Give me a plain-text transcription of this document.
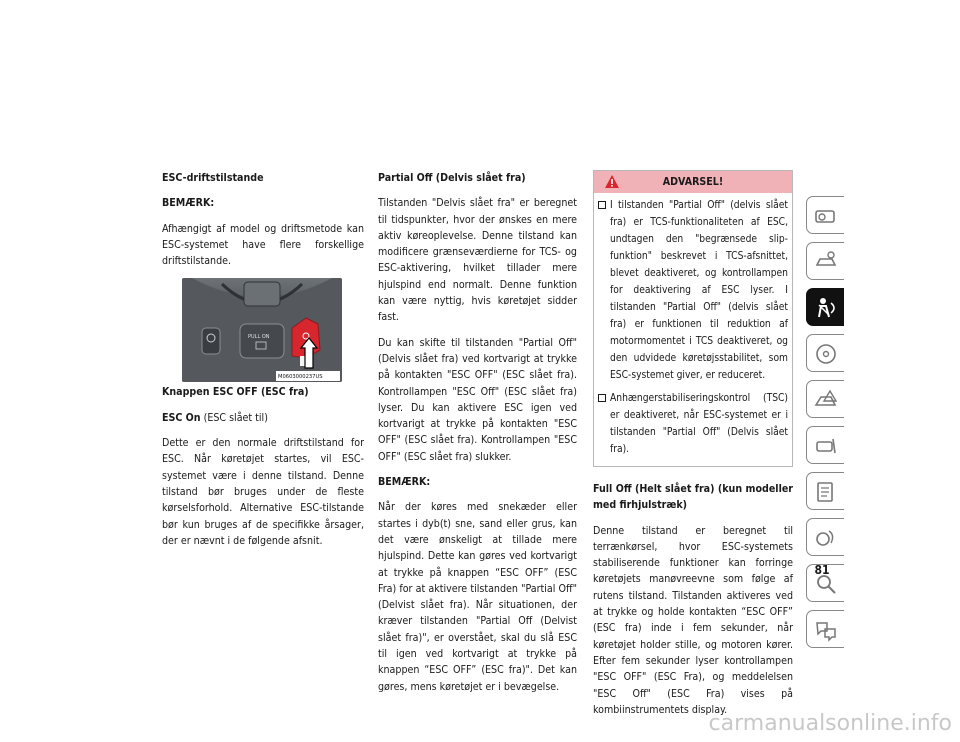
ESC-driftstilstande

BEMÆRK:

Afhængigt af model og driftsmetode kan ESC-systemet have flere forskellige driftstilstande.

PULL ON
M0603000237US

Knappen ESC OFF (ESC fra)

ESC On (ESC slået til)

Dette er den normale driftstilstand for ESC. Når køretøjet startes, vil ESC-systemet være i denne tilstand. Denne tilstand bør bruges under de fleste kørselsforhold. Alternative ESC-tilstande bør kun bruges af de specifikke årsager, der er nævnt i de følgende afsnit.

Partial Off (Delvis slået fra)

Tilstanden "Delvis slået fra" er beregnet til tidspunkter, hvor der ønskes en mere aktiv køreoplevelse. Denne tilstand kan modificere grænseværdierne for TCS- og ESC-aktivering, hvilket tillader mere hjulspind end normalt. Denne funktion kan være nyttig, hvis køretøjet sidder fast.

Du kan skifte til tilstanden "Partial Off" (Delvis slået fra) ved kortvarigt at trykke på kontakten "ESC OFF" (ESC slået fra). Kontrollampen "ESC Off" (ESC slået fra) lyser. Du kan aktivere ESC igen ved kortvarigt at trykke på kontakten "ESC OFF" (ESC slået fra). Kontrollampen "ESC OFF" (ESC slået fra) slukker.

BEMÆRK:

Når der køres med snekæder eller startes i dyb(t) sne, sand eller grus, kan det være ønskeligt at tillade mere hjulspind. Dette kan gøres ved kortvarigt at trykke på knappen “ESC OFF” (ESC Fra) for at aktivere tilstanden "Partial Off" (Delvist slået fra). Når situationen, der kræver tilstanden "Partial Off (Delvist slået fra)", er overstået, skal du slå ESC til igen ved kortvarigt at trykke på knappen “ESC OFF” (ESC fra)". Det kan gøres, mens køretøjet er i bevægelse.

ADVARSEL!
I tilstanden "Partial Off" (delvis slået fra) er TCS-funktionaliteten af ESC, undtagen den "begrænsede slip-funktion" beskrevet i TCS-afsnittet, blevet deaktiveret, og kontrollampen for deaktivering af ESC lyser. I tilstanden "Partial Off" (delvis slået fra) er funktionen til reduktion af motormomentet i TCS deaktiveret, og den udvidede køretøjsstabilitet, som ESC-systemet giver, er reduceret.
Anhængerstabiliseringskontrol (TSC) er deaktiveret, når ESC-systemet er i tilstanden "Partial Off" (Delvis slået fra).

Full Off (Helt slået fra) (kun modeller med firhjulstræk)

Denne tilstand er beregnet til terrænkørsel, hvor ESC-systemets stabiliserende funktioner kan forringe køretøjets manøvreevne som følge af rutens tilstand. Tilstanden aktiveres ved at trykke og holde kontakten “ESC OFF” (ESC fra) inde i fem sekunder, når køretøjet holder stille, og motoren kører. Efter fem sekunder lyser kontrollampen "ESC OFF" (ESC Fra), og meddelelsen "ESC Off" (ESC Fra) vises på kombiinstrumentets display.

81
carmanualsonline.info
